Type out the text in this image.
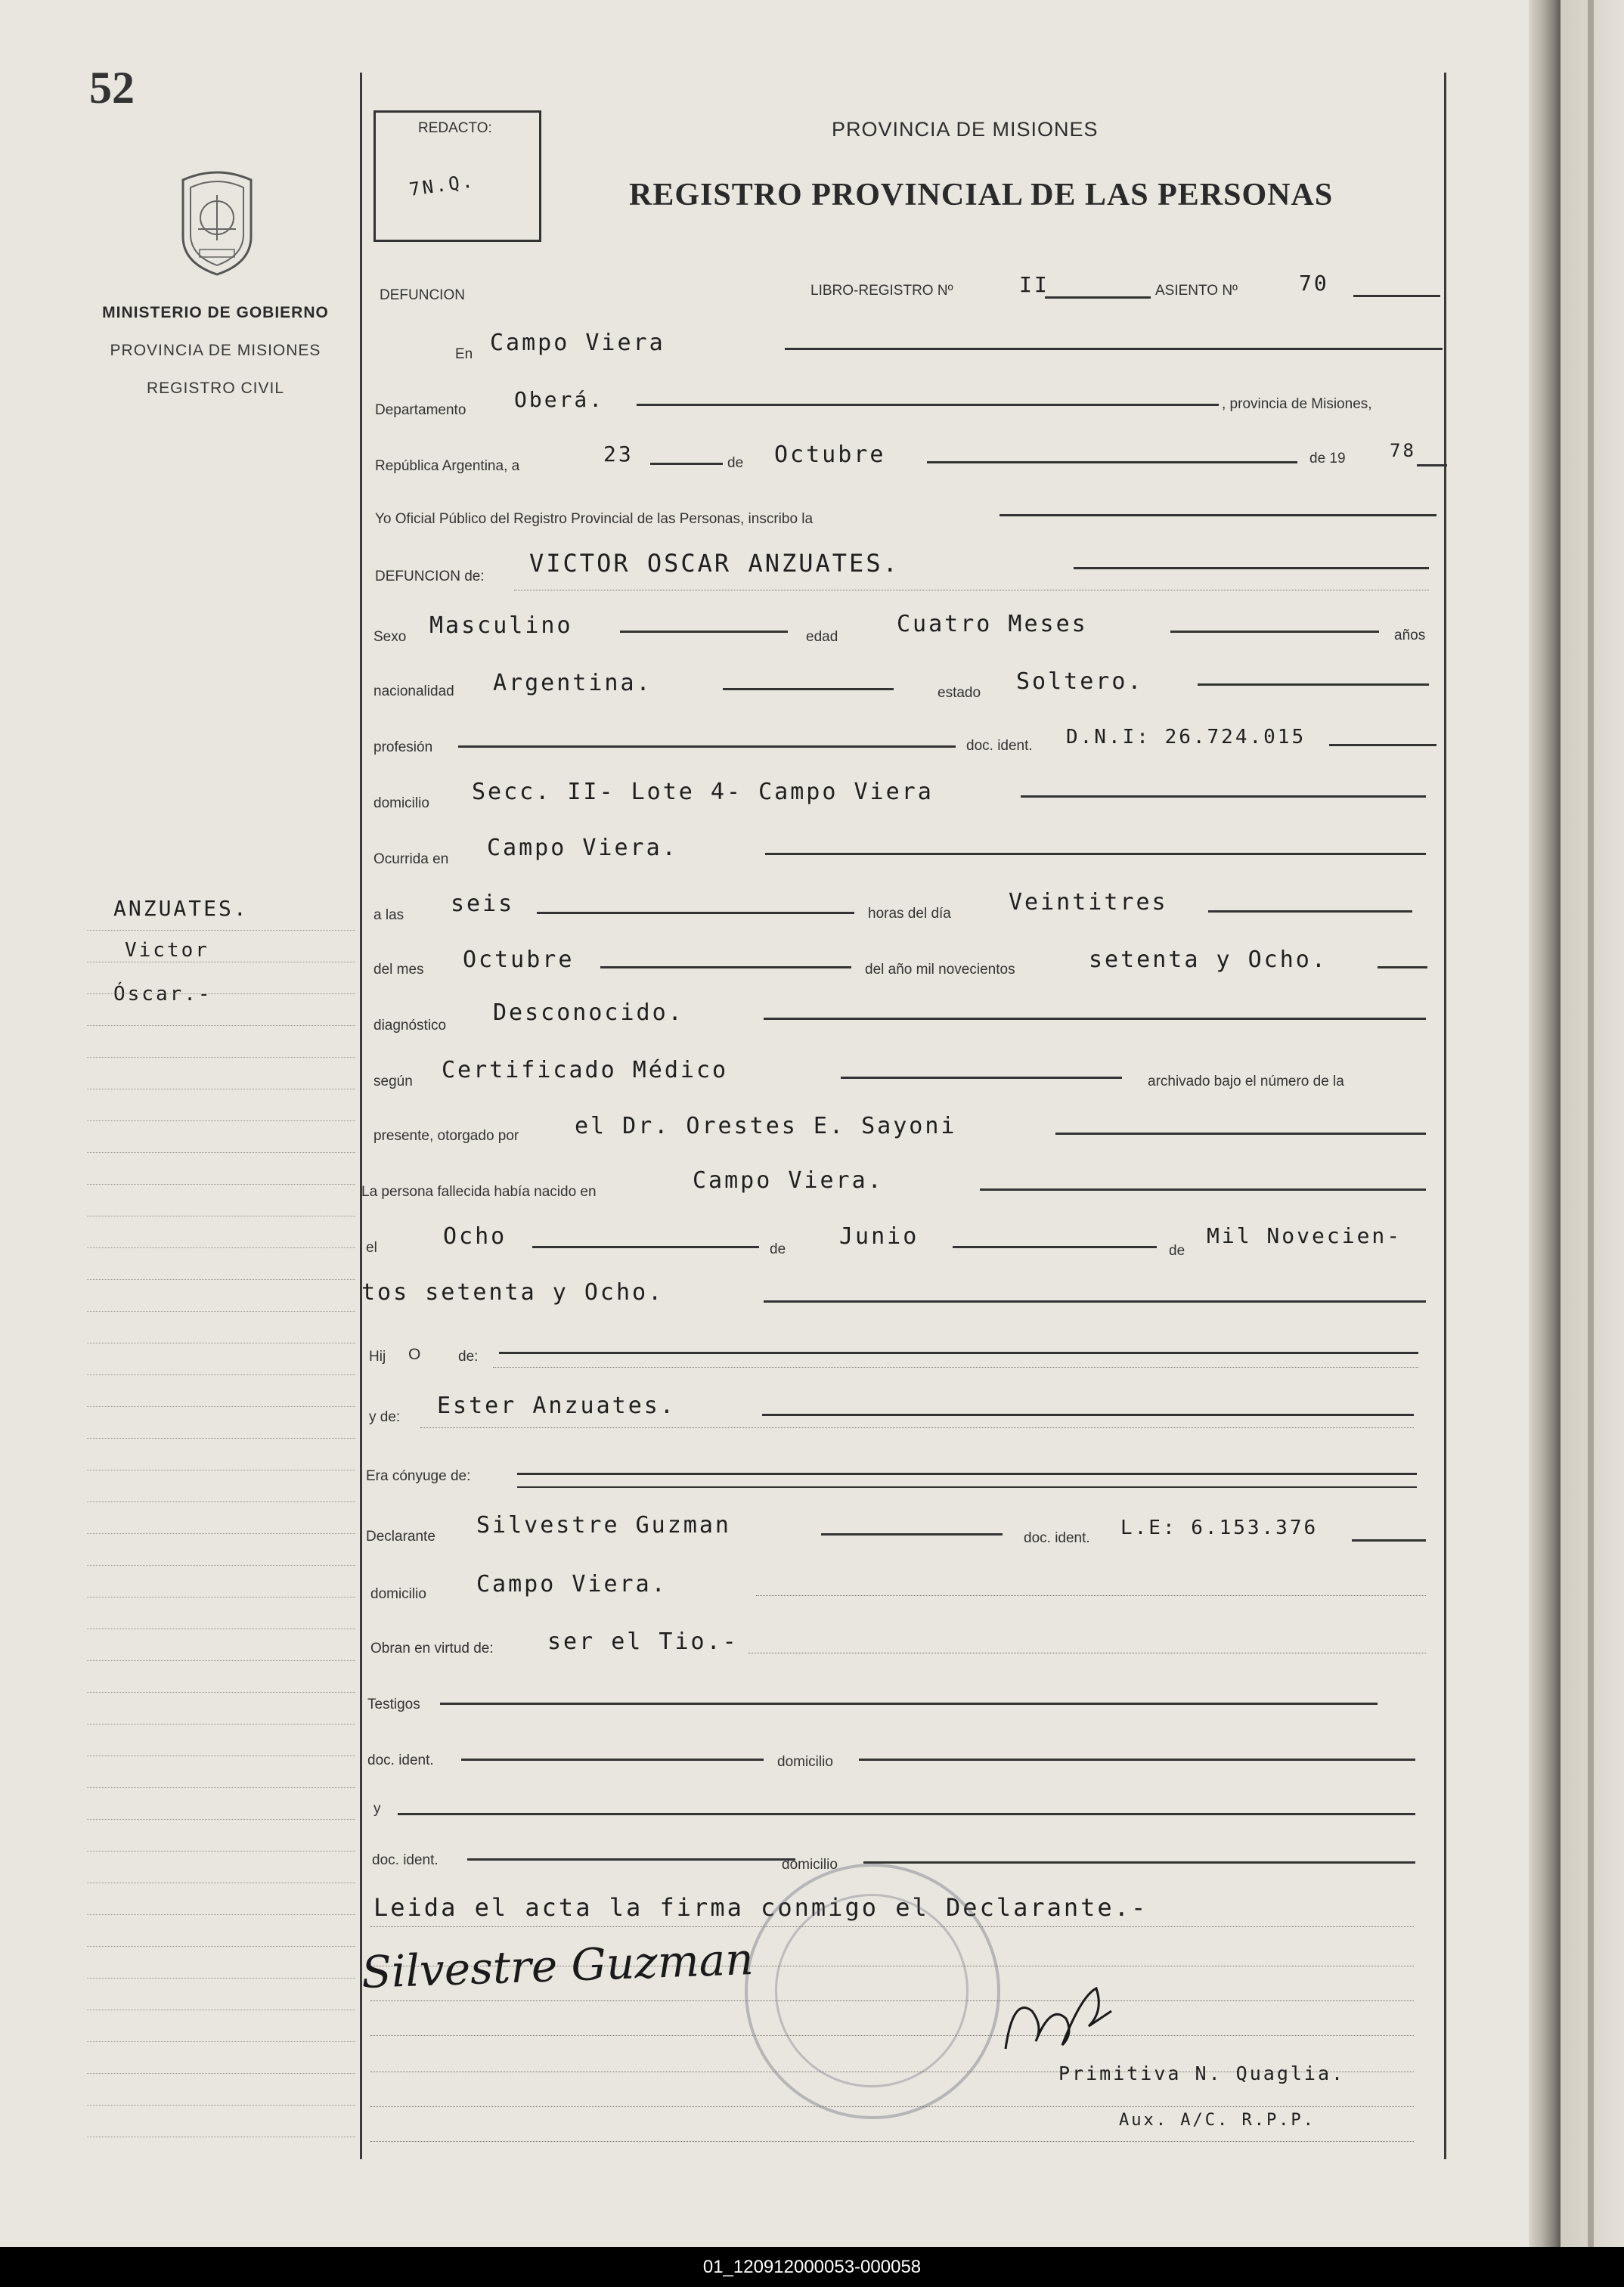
52
MINISTERIO DE GOBIERNO
PROVINCIA DE MISIONES
REGISTRO CIVIL
ANZUATES.
Victor
Óscar.-
REDACTO:
7N.Q.
PROVINCIA DE MISIONES
REGISTRO PROVINCIAL DE LAS PERSONAS
DEFUNCION	LIBRO-REGISTRO Nº	II	ASIENTO Nº	70
En Campo Viera
Departamento Oberá.	, provincia de Misiones,
República Argentina, a	23	de Octubre	de 19 78
Yo Oficial Público del Registro Provincial de las Personas, inscribo la
DEFUNCION de: VICTOR OSCAR ANZUATES.
Sexo Masculino	edad	Cuatro Meses	años
nacionalidad Argentina.	estado Soltero.
profesión	doc. ident. D.N.I: 26.724.015
domicilio Secc. II- Lote 4- Campo Viera
Ocurrida en Campo Viera.
a las seis	horas del día	Veintitres
del mes Octubre	del año mil novecientos	setenta y Ocho.
diagnóstico Desconocido.
según Certificado Médico	archivado bajo el número de la
presente, otorgado por el Dr. Orestes E. Sayoni
La persona fallecida había nacido en	Campo Viera.
el	Ocho	de Junio
de
Mil Novecien-
tos setenta y Ocho.
Hij O	de:
y de: Ester Anzuates.
Era cónyuge de:
Declarante Silvestre Guzman	doc. ident. L.E: 6.153.376
domicilio Campo Viera.
Obran en virtud de: ser el Tio.-
Testigos
doc. ident.	domicilio
y
doc. ident.	domicilio
Leida el acta la firma conmigo el Declarante.-
Silvestre Guzman
Primitiva N. Quaglia.
Aux. A/C. R.P.P.
01_120912000053-000058
